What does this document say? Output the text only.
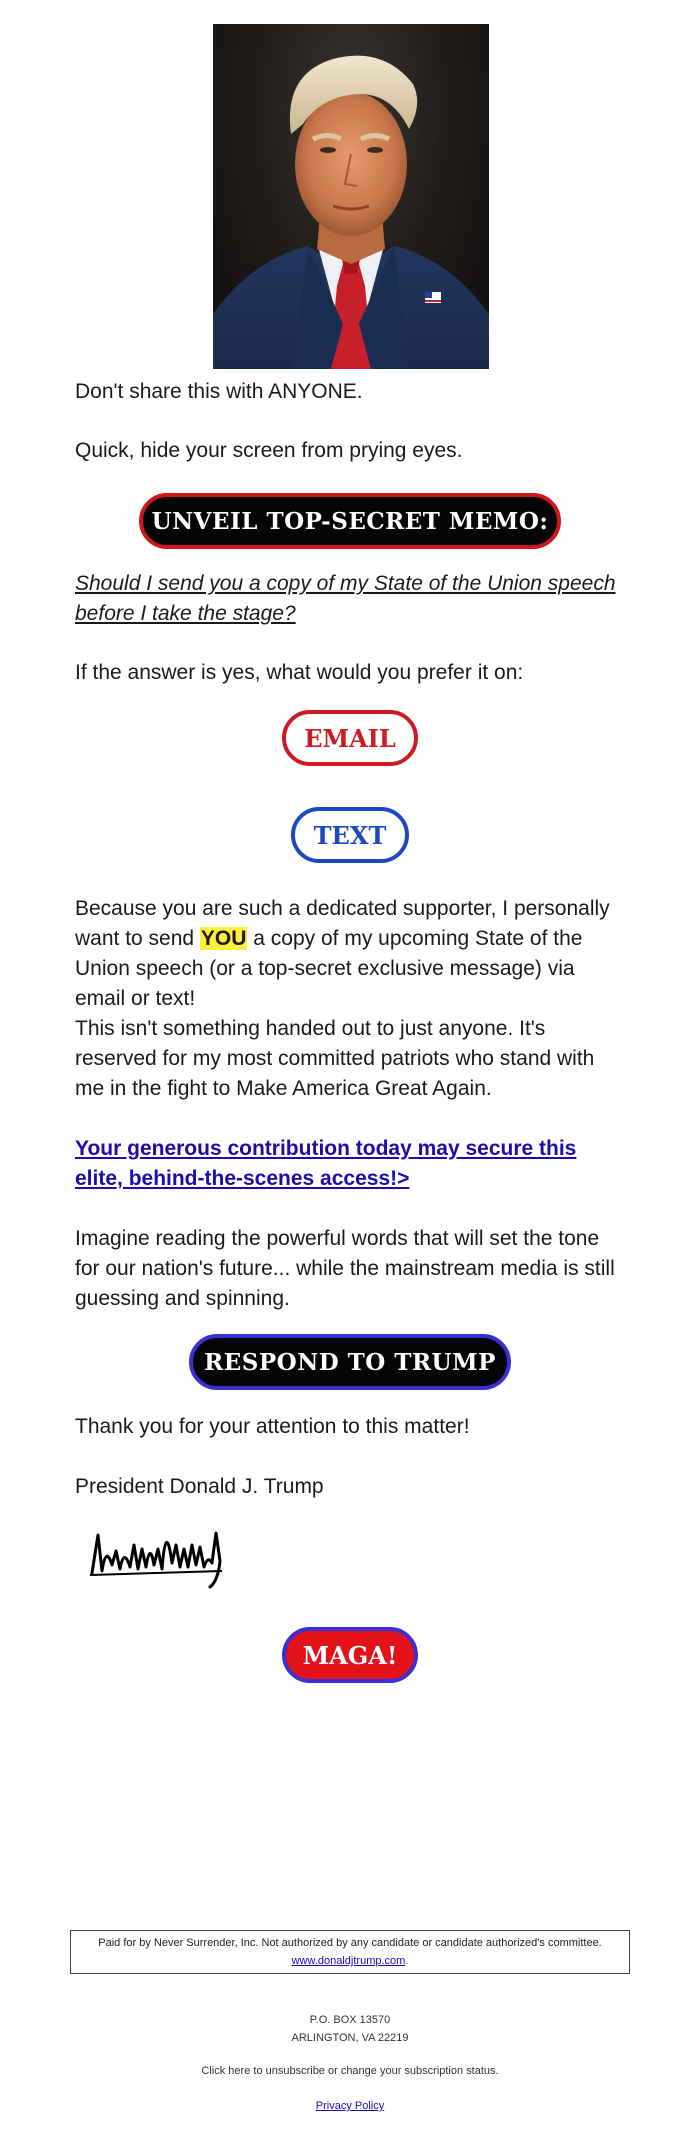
Don't share this with ANYONE.
Quick, hide your screen from prying eyes.
UNVEIL TOP-SECRET MEMO:
Should I send you a copy of my State of the Union speech before I take the stage?
If the answer is yes, what would you prefer it on:
EMAIL
TEXT
Because you are such a dedicated supporter, I personally want to send YOU a copy of my upcoming State of the Union speech (or a top-secret exclusive message) via email or text!
This isn't something handed out to just anyone. It's reserved for my most committed patriots who stand with me in the fight to Make America Great Again.
Your generous contribution today may secure this elite, behind-the-scenes access!>
Imagine reading the powerful words that will set the tone for our nation's future... while the mainstream media is still guessing and spinning.
RESPOND TO TRUMP
Thank you for your attention to this matter!
President Donald J. Trump
MAGA!
Paid for by Never Surrender, Inc. Not authorized by any candidate or candidate authorized's committee.
www.donaldjtrump.com.
P.O. BOX 13570
ARLINGTON, VA 22219
Click here to unsubscribe or change your subscription status.
Privacy Policy
